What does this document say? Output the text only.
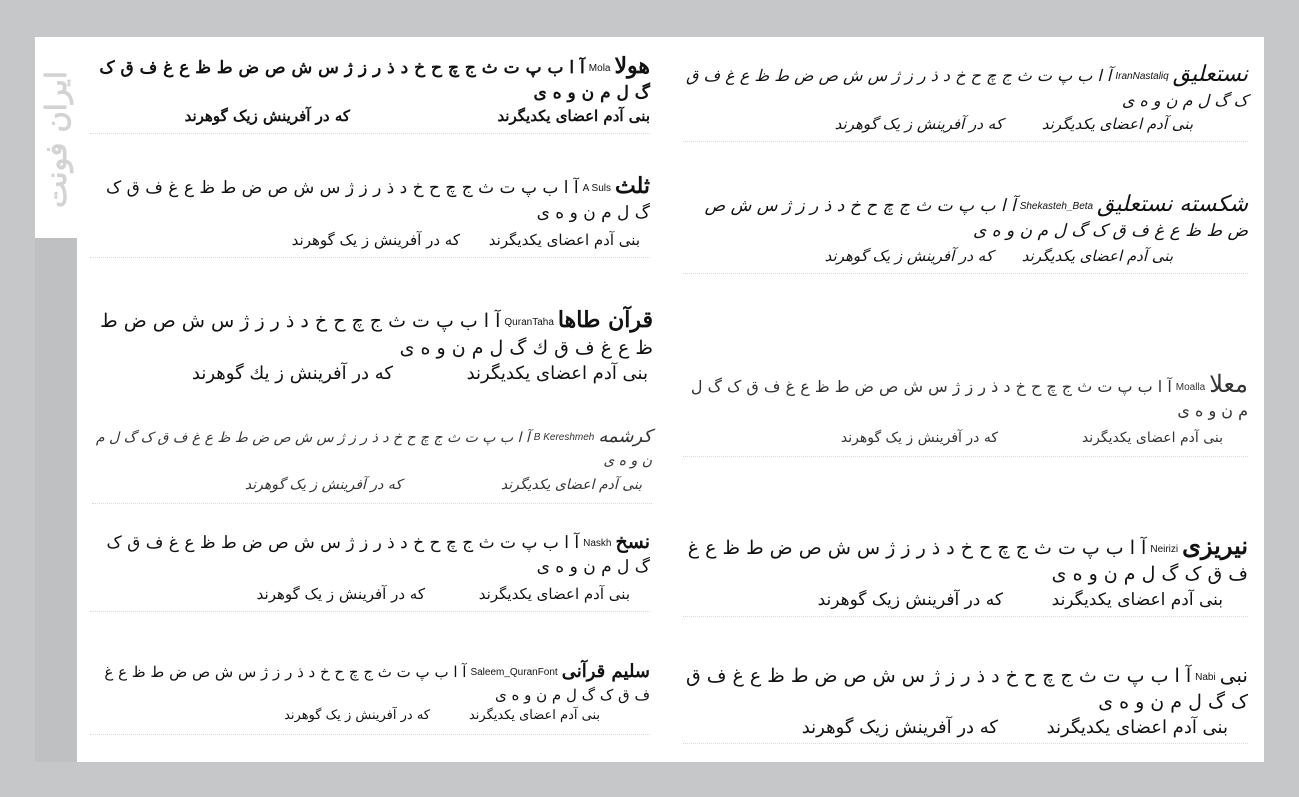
ایران فونت
هولاMolaآ ا ب پ ت ث ج چ ح خ د ذ ر ز ژ س ش ص ض ط ظ ع غ ف ق ک گ ل م ن و ه ی
بنی آدم اعضای یکدیگرند
که در آفرینش زیک گوهرند
ثلثA Sulsآ ا ب پ ت ث ج چ ح خ د ذ ر ز ژ س ش ص ض ط ظ ع غ ف ق ک گ ل م ن و ه ی
بنی آدم اعضای یکدیگرند
که در آفرینش ز یک گوهرند
قرآن طاهاQuranTahaآ ا ب پ ت ث ج چ ح خ د ذ ر ز ژ س ش ص ض ط ظ ع غ ف ق ك گ ل م ن و ه ی
بنی آدم اعضای یکدیگرند
که در آفرینش ز یك گوهرند
کرشمهB Kereshmehآ ا ب پ ت ث ج چ ح خ د ذ ر ز ژ س ش ص ض ط ظ ع غ ف ق ک گ ل م ن و ه ی
بنی آدم اعضای یکدیگرند
که در آفرینش ز یک گوهرند
نسخNaskhآ ا ب پ ت ث ج چ ح خ د ذ ر ز ژ س ش ص ض ط ظ ع غ ف ق ک گ ل م ن و ه ی
بنی آدم اعضای یکدیگرند
که در آفرینش ز یک گوهرند
سلیم قرآنیSaleem_QuranFontآ ا ب پ ت ث ج چ ح خ د ذ ر ز ژ س ش ص ض ط ظ ع غ ف ق ک گ ل م ن و ه ی
بنی آدم اعضای یکدیگرند
که در آفرینش ز یک گوهرند
نستعلیقIranNastaliqآ ا ب پ ت ث ج چ ح خ د ذ ر ز ژ س ش ص ض ط ظ ع غ ف ق ک گ ل م ن و ه ی
بنی آدم اعضای یکدیگرند
که در آفرینش ز یک گوهرند
شکسته نستعلیقShekasteh_Betaآ ا ب پ ت ث ج چ ح خ د ذ ر ز ژ س ش ص ض ط ظ ع غ ف ق ک گ ل م ن و ه ی
بنی آدم اعضای یکدیگرند
که در آفرینش ز یک گوهرند
معلاMoallaآ ا ب پ ت ث ج چ ح خ د ذ ر ز ژ س ش ص ض ط ظ ع غ ف ق ک گ ل م ن و ه ی
بنی آدم اعضای یکدیگرند
که در آفرینش ز یک گوهرند
نیریزیNeiriziآ ا ب پ ت ث ج چ ح خ د ذ ر ز ژ س ش ص ض ط ظ ع غ ف ق ک گ ل م ن و ه ی
بنی آدم اعضای یکدیگرند
که در آفرینش زیک گوهرند
نبیNabiآ ا ب پ ت ث ج چ ح خ د ذ ر ز ژ س ش ص ض ط ظ ع غ ف ق ک گ ل م ن و ه ی
بنی آدم اعضای یکدیگرند
که در آفرینش زیک گوهرند
